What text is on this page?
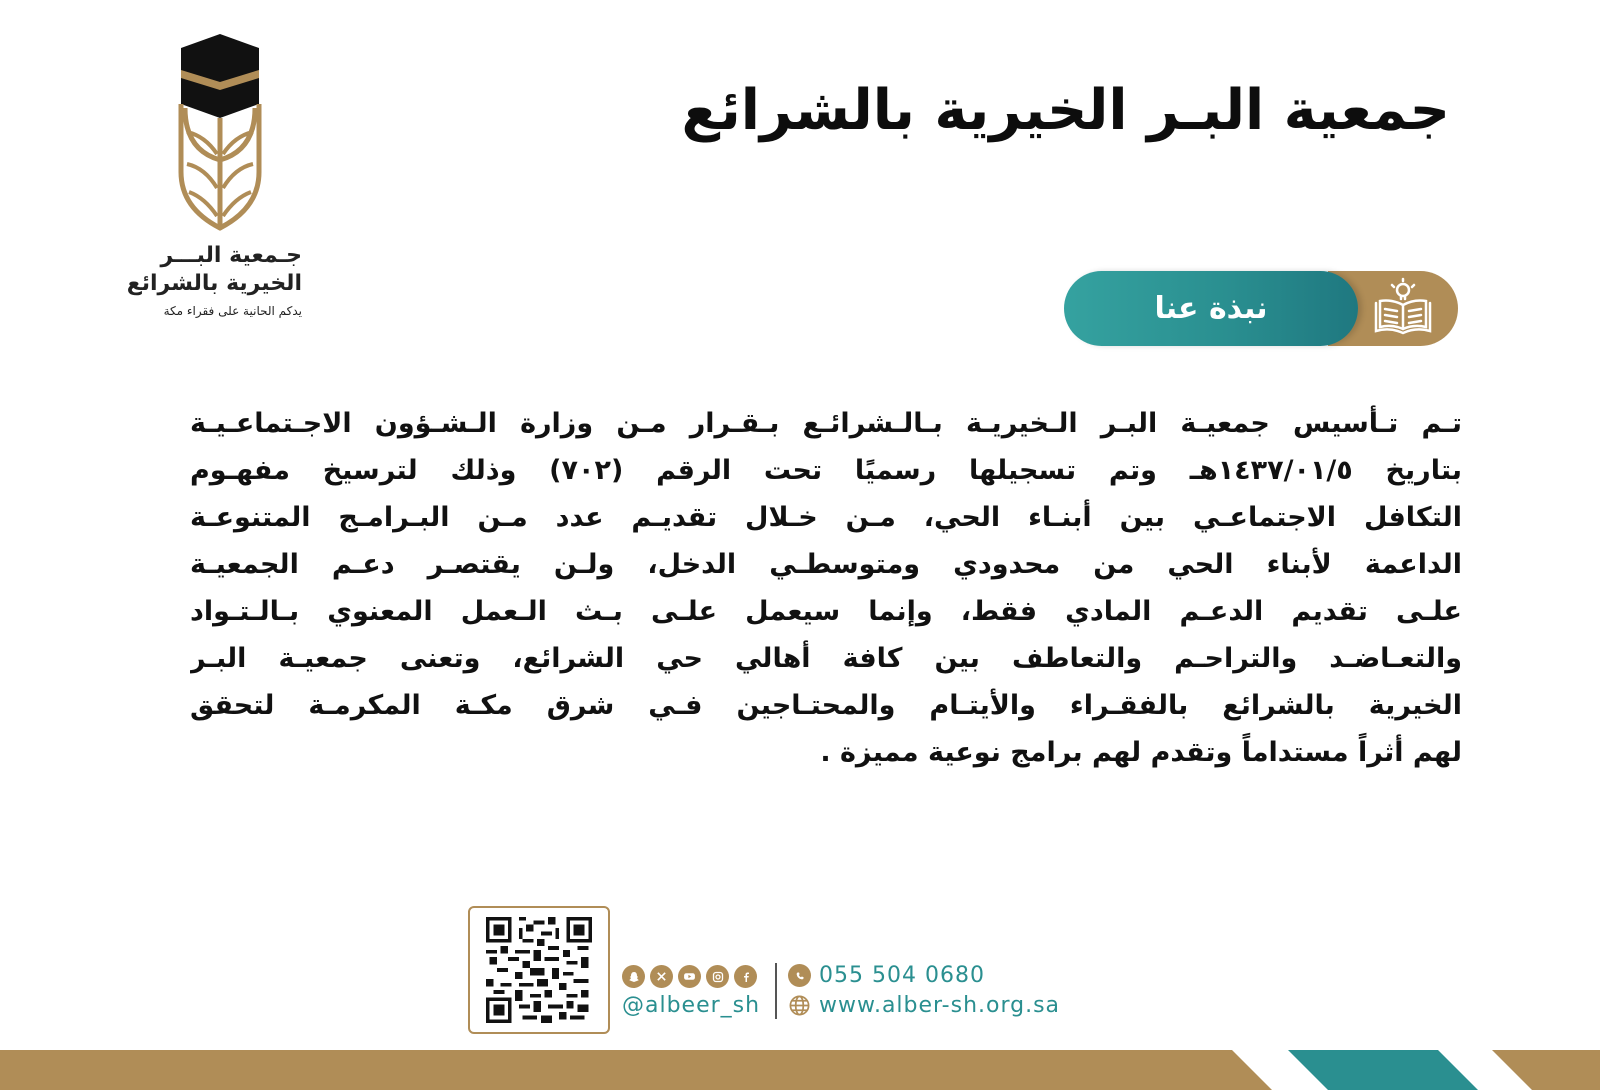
جـمعية البـــر
الخيرية بالشرائع
يدكم الحانية على فقراء مكة
جمعية البـر الخيرية بالشرائع
نبذة عنا
تـم تـأسيس جمعيـة البـر الـخيريـة بـالـشرائـع بـقـرار مـن وزارة الـشـؤون الاجـتماعـيـة
بتاريخ ١٤٣٧/٠١/٥هـ وتم تسجيلها رسميًا تحت الرقم (٧٠٢) وذلك لترسيخ مفهـوم
التكافل الاجتماعـي بين أبنـاء الحي، مـن خـلال تقديـم عدد مـن البـرامـج المتنوعـة
الداعمة لأبناء الحي من محدودي ومتوسطـي الدخل، ولـن يقتصـر دعـم الجمعيـة
علـى تقديم الدعـم المادي فقط، وإنما سيعمل علـى بـث الـعمل المعنوي بـالـتـواد
والتعـاضـد والتراحـم والتعاطف بين كافة أهالي حي الشرائع، وتعنى جمعيـة البـر
الخيرية بالشرائع بالفقـراء والأيتـام والمحتـاجين فـي شرق مكـة المكرمـة لتحقق
لهم أثراً مستداماً وتقدم لهم برامج نوعية مميزة .
@albeer_sh
055 504 0680
www.alber-sh.org.sa
